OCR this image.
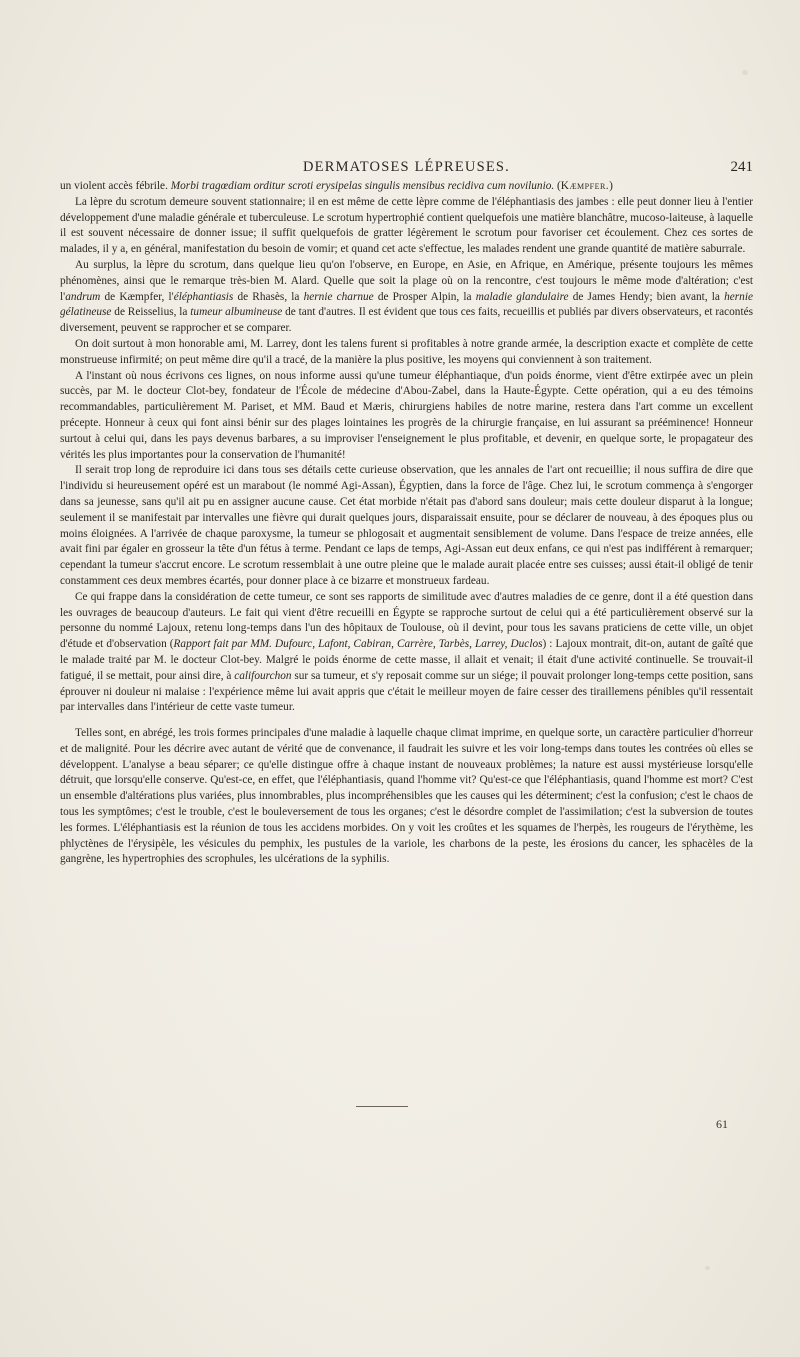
DERMATOSES LÉPREUSES.	241

un violent accès fébrile. Morbi tragœdiam orditur scroti erysipelas singulis mensibus recidiva cum novilunio. (Kæmpfer.)

La lèpre du scrotum demeure souvent stationnaire; il en est même de cette lèpre comme de l'éléphantiasis des jambes : elle peut donner lieu à l'entier développement d'une maladie générale et tuberculeuse. Le scrotum hypertrophié contient quelquefois une matière blanchâtre, mucoso-laiteuse, à laquelle il est souvent nécessaire de donner issue; il suffit quelquefois de gratter légèrement le scrotum pour favoriser cet écoulement. Chez ces sortes de malades, il y a, en général, manifestation du besoin de vomir; et quand cet acte s'effectue, les malades rendent une grande quantité de matière saburrale.

Au surplus, la lèpre du scrotum, dans quelque lieu qu'on l'observe, en Europe, en Asie, en Afrique, en Amérique, présente toujours les mêmes phénomènes, ainsi que le remarque très-bien M. Alard. Quelle que soit la plage où on la rencontre, c'est toujours le même mode d'altération; c'est l'andrum de Kæmpfer, l'éléphantiasis de Rhasès, la hernie charnue de Prosper Alpin, la maladie glandulaire de James Hendy; bien avant, la hernie gélatineuse de Reisselius, la tumeur albumineuse de tant d'autres. Il est évident que tous ces faits, recueillis et publiés par divers observateurs, et racontés diversement, peuvent se rapprocher et se comparer.

On doit surtout à mon honorable ami, M. Larrey, dont les talens furent si profitables à notre grande armée, la description exacte et complète de cette monstrueuse infirmité; on peut même dire qu'il a tracé, de la manière la plus positive, les moyens qui conviennent à son traitement.

A l'instant où nous écrivons ces lignes, on nous informe aussi qu'une tumeur éléphantiaque, d'un poids énorme, vient d'être extirpée avec un plein succès, par M. le docteur Clot-bey, fondateur de l'École de médecine d'Abou-Zabel, dans la Haute-Égypte. Cette opération, qui a eu des témoins recommandables, particulièrement M. Pariset, et MM. Baud et Mæris, chirurgiens habiles de notre marine, restera dans l'art comme un excellent précepte. Honneur à ceux qui font ainsi bénir sur des plages lointaines les progrès de la chirurgie française, en lui assurant sa prééminence! Honneur surtout à celui qui, dans les pays devenus barbares, a su improviser l'enseignement le plus profitable, et devenir, en quelque sorte, le propagateur des vérités les plus importantes pour la conservation de l'humanité!

Il serait trop long de reproduire ici dans tous ses détails cette curieuse observation, que les annales de l'art ont recueillie; il nous suffira de dire que l'individu si heureusement opéré est un marabout (le nommé Agi-Assan), Égyptien, dans la force de l'âge. Chez lui, le scrotum commença à s'engorger dans sa jeunesse, sans qu'il ait pu en assigner aucune cause. Cet état morbide n'était pas d'abord sans douleur; mais cette douleur disparut à la longue; seulement il se manifestait par intervalles une fièvre qui durait quelques jours, disparaissait ensuite, pour se déclarer de nouveau, à des époques plus ou moins éloignées. A l'arrivée de chaque paroxysme, la tumeur se phlogosait et augmentait sensiblement de volume. Dans l'espace de treize années, elle avait fini par égaler en grosseur la tête d'un fétus à terme. Pendant ce laps de temps, Agi-Assan eut deux enfans, ce qui n'est pas indifférent à remarquer; cependant la tumeur s'accrut encore. Le scrotum ressemblait à une outre pleine que le malade aurait placée entre ses cuisses; aussi était-il obligé de tenir constamment ces deux membres écartés, pour donner place à ce bizarre et monstrueux fardeau.

Ce qui frappe dans la considération de cette tumeur, ce sont ses rapports de similitude avec d'autres maladies de ce genre, dont il a été question dans les ouvrages de beaucoup d'auteurs. Le fait qui vient d'être recueilli en Égypte se rapproche surtout de celui qui a été particulièrement observé sur la personne du nommé Lajoux, retenu long-temps dans l'un des hôpitaux de Toulouse, où il devint, pour tous les savans praticiens de cette ville, un objet d'étude et d'observation (Rapport fait par MM. Dufourc, Lafont, Cabiran, Carrère, Tarbès, Larrey, Duclos) : Lajoux montrait, dit-on, autant de gaîté que le malade traité par M. le docteur Clot-bey. Malgré le poids énorme de cette masse, il allait et venait; il était d'une activité continuelle. Se trouvait-il fatigué, il se mettait, pour ainsi dire, à califourchon sur sa tumeur, et s'y reposait comme sur un siége; il pouvait prolonger long-temps cette position, sans éprouver ni douleur ni malaise : l'expérience même lui avait appris que c'était le meilleur moyen de faire cesser des tiraillemens pénibles qu'il ressentait par intervalles dans l'intérieur de cette vaste tumeur.

Telles sont, en abrégé, les trois formes principales d'une maladie à laquelle chaque climat imprime, en quelque sorte, un caractère particulier d'horreur et de malignité. Pour les décrire avec autant de vérité que de convenance, il faudrait les suivre et les voir long-temps dans toutes les contrées où elles se développent. L'analyse a beau séparer; ce qu'elle distingue offre à chaque instant de nouveaux problèmes; la nature est aussi mystérieuse lorsqu'elle détruit, que lorsqu'elle conserve. Qu'est-ce, en effet, que l'éléphantiasis, quand l'homme vit? Qu'est-ce que l'éléphantiasis, quand l'homme est mort? C'est un ensemble d'altérations plus variées, plus innombrables, plus incompréhensibles que les causes qui les déterminent; c'est la confusion; c'est le chaos de tous les symptômes; c'est le trouble, c'est le bouleversement de tous les organes; c'est le désordre complet de l'assimilation; c'est la subversion de toutes les formes. L'éléphantiasis est la réunion de tous les accidens morbides. On y voit les croûtes et les squames de l'herpès, les rougeurs de l'érythème, les phlyctènes de l'érysipèle, les vésicules du pemphix, les pustules de la variole, les charbons de la peste, les érosions du cancer, les sphacèles de la gangrène, les hypertrophies des scrophules, les ulcérations de la syphilis.

61
